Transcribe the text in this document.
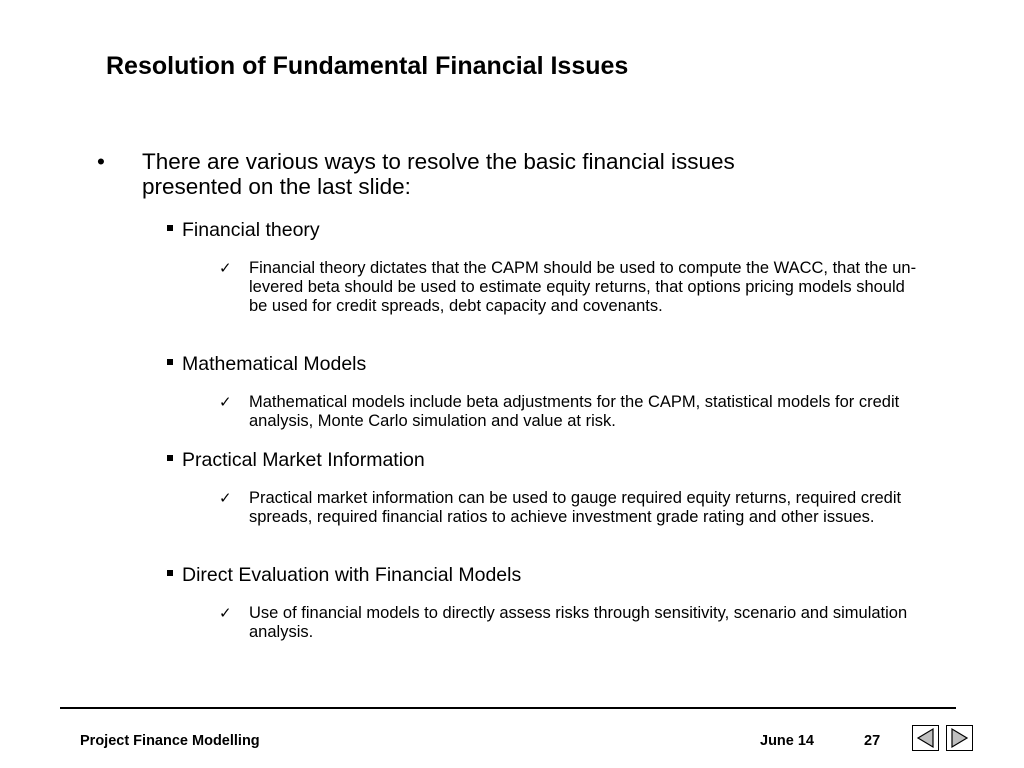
Resolution of Fundamental Financial Issues
• There are various ways to resolve the basic financial issues presented on the last slide:
Financial theory
✓ Financial theory dictates that the CAPM should be used to compute the WACC, that the un-levered beta should be used to estimate equity returns, that options pricing models should be used for credit spreads, debt capacity and covenants.
Mathematical Models
✓ Mathematical models include beta adjustments for the CAPM, statistical models for credit analysis, Monte Carlo simulation and value at risk.
Practical Market Information
✓ Practical market information can be used to gauge required equity returns, required credit spreads, required financial ratios to achieve investment grade rating and other issues.
Direct Evaluation with Financial Models
✓ Use of financial models to directly assess risks through sensitivity, scenario and simulation analysis.
Project Finance Modelling	June 14	27
